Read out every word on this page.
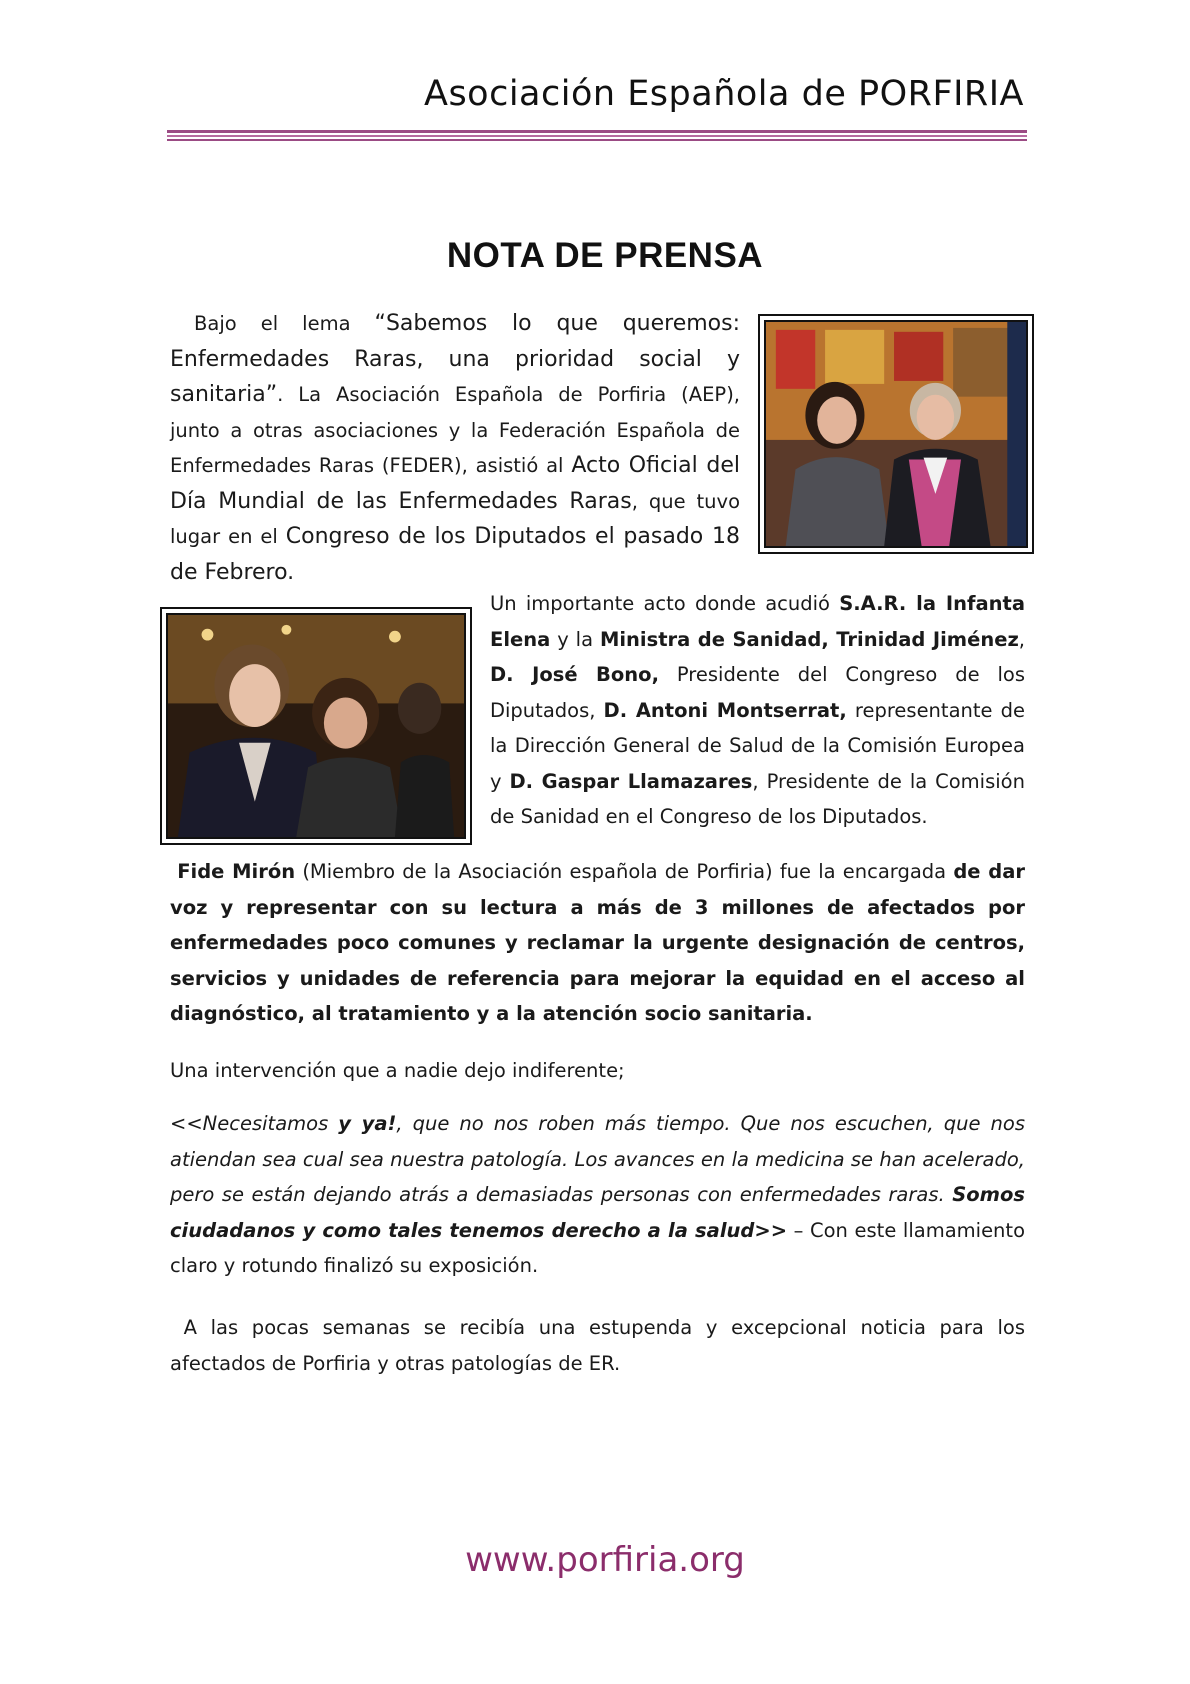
Asociación Española de PORFIRIA
NOTA DE PRENSA
Bajo el lema “Sabemos lo que queremos: Enfermedades Raras, una prioridad social y sanitaria”. La Asociación Española de Porfiria (AEP), junto a otras asociaciones y la Federación Española de Enfermedades Raras (FEDER), asistió al Acto Oficial del Día Mundial de las Enfermedades Raras, que tuvo lugar en el Congreso de los Diputados el pasado 18 de Febrero.
Un importante acto donde acudió S.A.R. la Infanta Elena y la Ministra de Sanidad, Trinidad Jiménez, D. José Bono, Presidente del Congreso de los Diputados, D. Antoni Montserrat, representante de la Dirección General de Salud de la Comisión Europea y D. Gaspar Llamazares, Presidente de la Comisión de Sanidad en el Congreso de los Diputados.
Fide Mirón (Miembro de la Asociación española de Porfiria) fue la encargada de dar voz y representar con su lectura a más de 3 millones de afectados por enfermedades poco comunes y reclamar la urgente designación de centros, servicios y unidades de referencia para mejorar la equidad en el acceso al diagnóstico, al tratamiento y a la atención socio sanitaria.
Una intervención que a nadie dejo indiferente;
<<Necesitamos y ya!, que no nos roben más tiempo. Que nos escuchen, que nos atiendan sea cual sea nuestra patología. Los avances en la medicina se han acelerado, pero se están dejando atrás a demasiadas personas con enfermedades raras. Somos ciudadanos y como tales tenemos derecho a la salud>> – Con este llamamiento claro y rotundo finalizó su exposición.
A las pocas semanas se recibía una estupenda y excepcional noticia para los afectados de Porfiria y otras patologías de ER.
www.porfiria.org
